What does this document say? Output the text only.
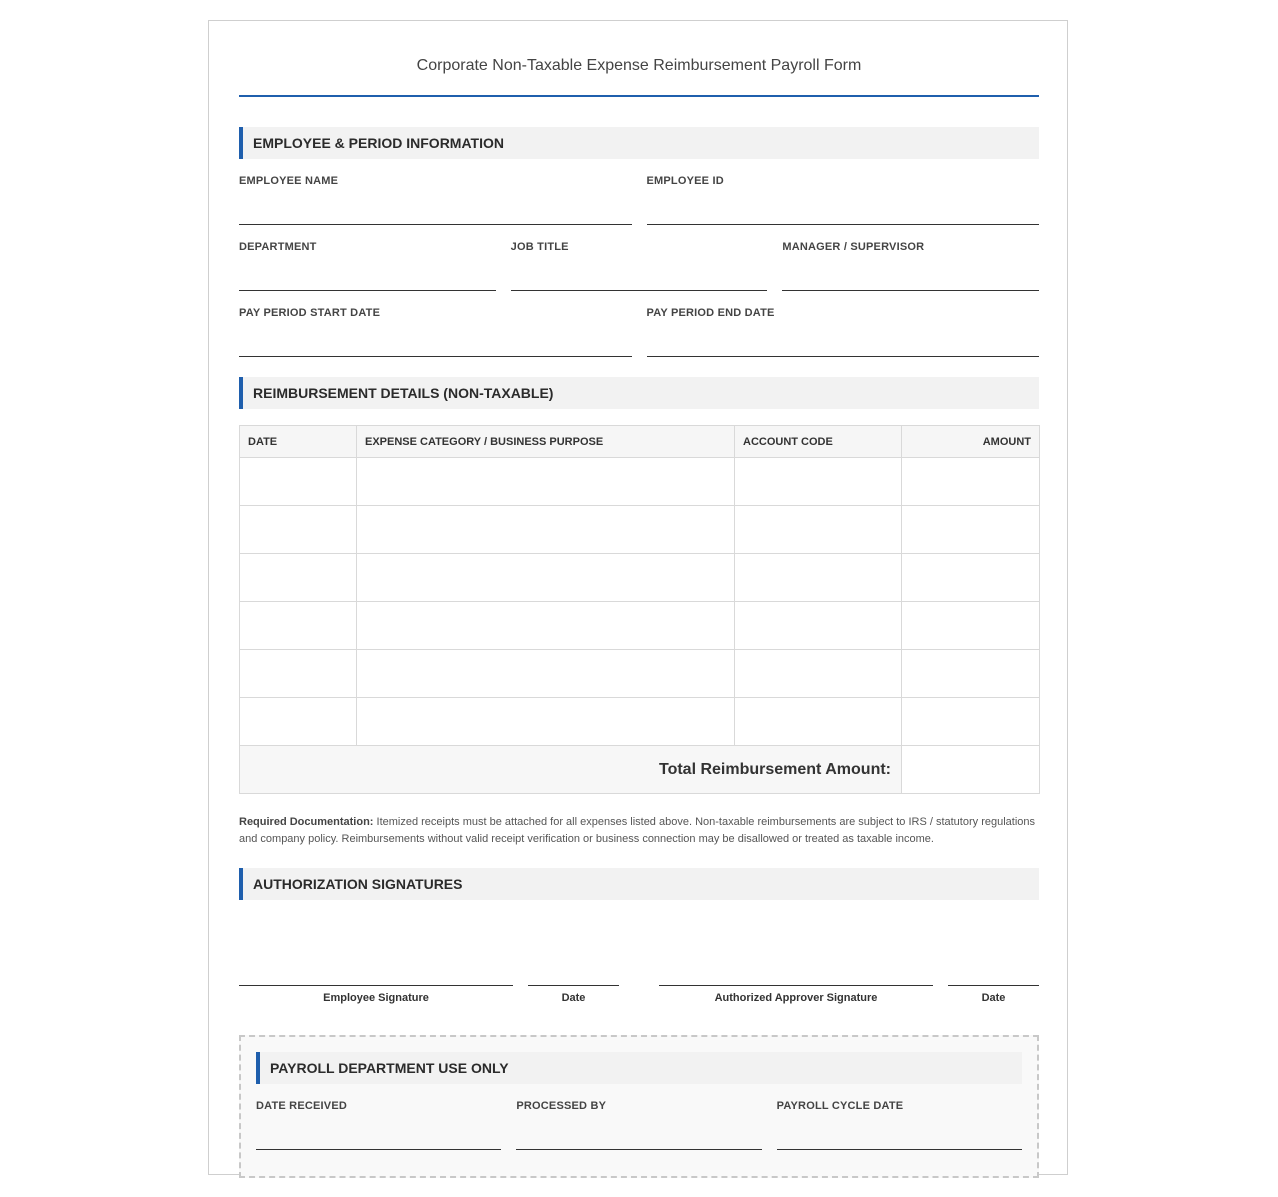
Corporate Non-Taxable Expense Reimbursement Payroll Form
EMPLOYEE & PERIOD INFORMATION
EMPLOYEE NAME	EMPLOYEE ID
DEPARTMENT	JOB TITLE	MANAGER / SUPERVISOR
PAY PERIOD START DATE	PAY PERIOD END DATE
REIMBURSEMENT DETAILS (NON-TAXABLE)
DATE	EXPENSE CATEGORY / BUSINESS PURPOSE	ACCOUNT CODE	AMOUNT

Total Reimbursement Amount:			
Required Documentation: Itemized receipts must be attached for all expenses listed above. Non-taxable reimbursements are subject to IRS / statutory regulations and company policy. Reimbursements without valid receipt verification or business connection may be disallowed or treated as taxable income.
AUTHORIZATION SIGNATURES
Employee Signature	Date	Authorized Approver Signature	Date
PAYROLL DEPARTMENT USE ONLY
DATE RECEIVED	PROCESSED BY	PAYROLL CYCLE DATE
